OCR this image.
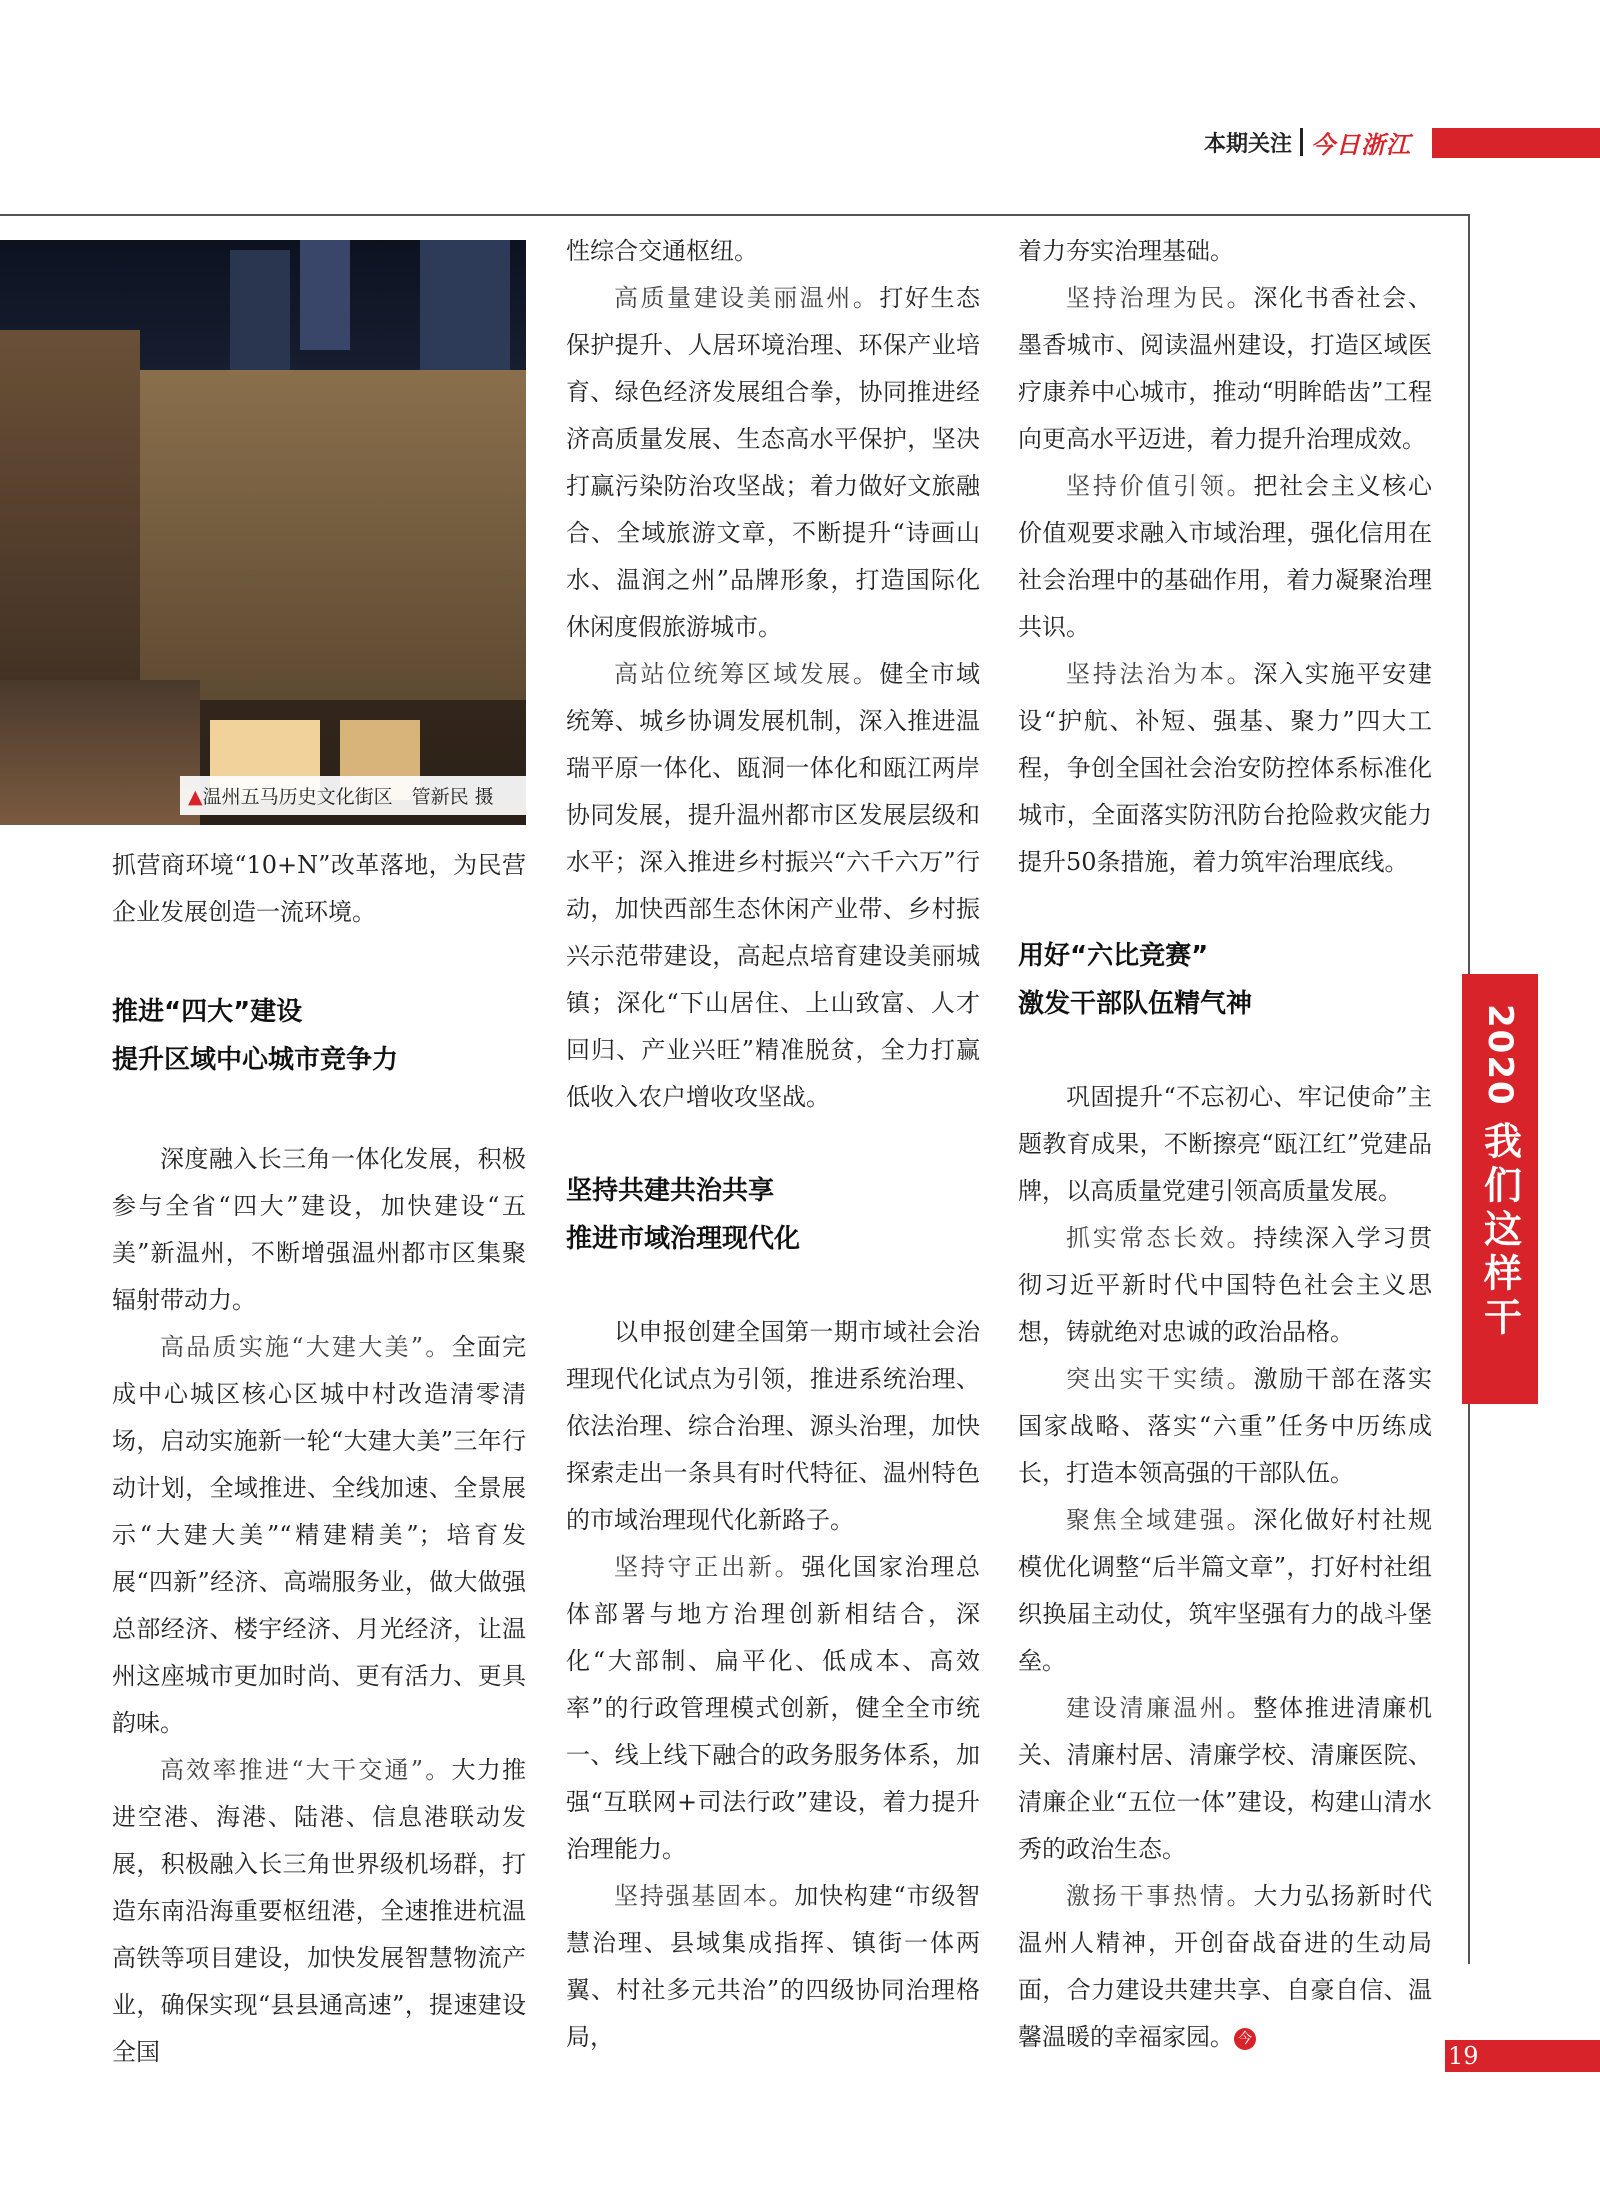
本期关注 今日浙江
▲温州五马历史文化街区　管新民 摄

抓营商环境“10+N”改革落地，为民营企业发展创造一流环境。

推进“四大”建设
提升区域中心城市竞争力

深度融入长三角一体化发展，积极参与全省“四大”建设，加快建设“五美”新温州，不断增强温州都市区集聚辐射带动力。

高品质实施“大建大美”。全面完成中心城区核心区城中村改造清零清场，启动实施新一轮“大建大美”三年行动计划，全域推进、全线加速、全景展示“大建大美”“精建精美”；培育发展“四新”经济、高端服务业，做大做强总部经济、楼宇经济、月光经济，让温州这座城市更加时尚、更有活力、更具韵味。

高效率推进“大干交通”。大力推进空港、海港、陆港、信息港联动发展，积极融入长三角世界级机场群，打造东南沿海重要枢纽港，全速推进杭温高铁等项目建设，加快发展智慧物流产业，确保实现“县县通高速”，提速建设全国

性综合交通枢纽。

高质量建设美丽温州。打好生态保护提升、人居环境治理、环保产业培育、绿色经济发展组合拳，协同推进经济高质量发展、生态高水平保护，坚决打赢污染防治攻坚战；着力做好文旅融合、全域旅游文章，不断提升“诗画山水、温润之州”品牌形象，打造国际化休闲度假旅游城市。

高站位统筹区域发展。健全市域统筹、城乡协调发展机制，深入推进温瑞平原一体化、瓯洞一体化和瓯江两岸协同发展，提升温州都市区发展层级和水平；深入推进乡村振兴“六千六万”行动，加快西部生态休闲产业带、乡村振兴示范带建设，高起点培育建设美丽城镇；深化“下山居住、上山致富、人才回归、产业兴旺”精准脱贫，全力打赢低收入农户增收攻坚战。

坚持共建共治共享
推进市域治理现代化

以申报创建全国第一期市域社会治理现代化试点为引领，推进系统治理、依法治理、综合治理、源头治理，加快探索走出一条具有时代特征、温州特色的市域治理现代化新路子。

坚持守正出新。强化国家治理总体部署与地方治理创新相结合，深化“大部制、扁平化、低成本、高效率”的行政管理模式创新，健全全市统一、线上线下融合的政务服务体系，加强“互联网+司法行政”建设，着力提升治理能力。

坚持强基固本。加快构建“市级智慧治理、县域集成指挥、镇街一体两翼、村社多元共治”的四级协同治理格局，

着力夯实治理基础。

坚持治理为民。深化书香社会、墨香城市、阅读温州建设，打造区域医疗康养中心城市，推动“明眸皓齿”工程向更高水平迈进，着力提升治理成效。

坚持价值引领。把社会主义核心价值观要求融入市域治理，强化信用在社会治理中的基础作用，着力凝聚治理共识。

坚持法治为本。深入实施平安建设“护航、补短、强基、聚力”四大工程，争创全国社会治安防控体系标准化城市，全面落实防汛防台抢险救灾能力提升50条措施，着力筑牢治理底线。

用好“六比竞赛”
激发干部队伍精气神

巩固提升“不忘初心、牢记使命”主题教育成果，不断擦亮“瓯江红”党建品牌，以高质量党建引领高质量发展。

抓实常态长效。持续深入学习贯彻习近平新时代中国特色社会主义思想，铸就绝对忠诚的政治品格。

突出实干实绩。激励干部在落实国家战略、落实“六重”任务中历练成长，打造本领高强的干部队伍。

聚焦全域建强。深化做好村社规模优化调整“后半篇文章”，打好村社组织换届主动仗，筑牢坚强有力的战斗堡垒。

建设清廉温州。整体推进清廉机关、清廉村居、清廉学校、清廉医院、清廉企业“五位一体”建设，构建山清水秀的政治生态。

激扬干事热情。大力弘扬新时代温州人精神，开创奋战奋进的生动局面，合力建设共建共享、自豪自信、温馨温暖的幸福家园。 今

2020
我们这样干
19
